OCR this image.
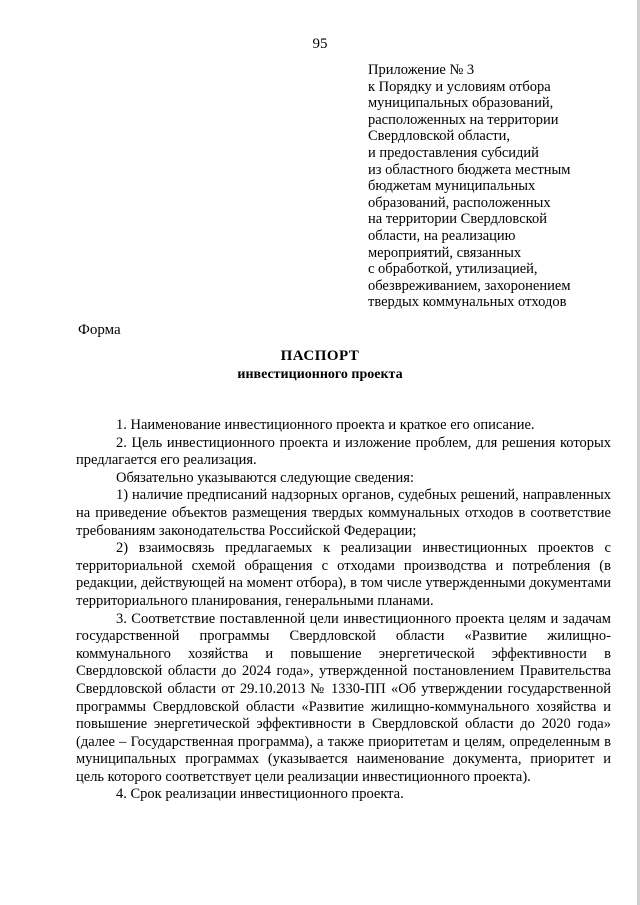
95
Приложение № 3
к Порядку и условиям отбора
муниципальных образований,
расположенных на территории
Свердловской области,
и предоставления субсидий
из областного бюджета местным
бюджетам муниципальных
образований, расположенных
на территории Свердловской
области, на реализацию
мероприятий, связанных
с обработкой, утилизацией,
обезвреживанием, захоронением
твердых коммунальных отходов
Форма
ПАСПОРТ
инвестиционного проекта

1. Наименование инвестиционного проекта и краткое его описание.

2. Цель инвестиционного проекта и изложение проблем, для решения которых предлагается его реализация.

Обязательно указываются следующие сведения:

1) наличие предписаний надзорных органов, судебных решений, направленных на приведение объектов размещения твердых коммунальных отходов в соответствие требованиям законодательства Российской Федерации;

2) взаимосвязь предлагаемых к реализации инвестиционных проектов с территориальной схемой обращения с отходами производства и потребления (в редакции, действующей на момент отбора), в том числе утвержденными документами территориального планирования, генеральными планами.

3. Соответствие поставленной цели инвестиционного проекта целям и задачам государственной программы Свердловской области «Развитие жилищно-коммунального хозяйства и повышение энергетической эффективности в Свердловской области до 2024 года», утвержденной постановлением Правительства Свердловской области от 29.10.2013 № 1330-ПП «Об утверждении государственной программы Свердловской области «Развитие жилищно-коммунального хозяйства и повышение энергетической эффективности в Свердловской области до 2020 года» (далее – Государственная программа), а также приоритетам и целям, определенным в муниципальных программах (указывается наименование документа, приоритет и цель которого соответствует цели реализации инвестиционного проекта).

4. Срок реализации инвестиционного проекта.
